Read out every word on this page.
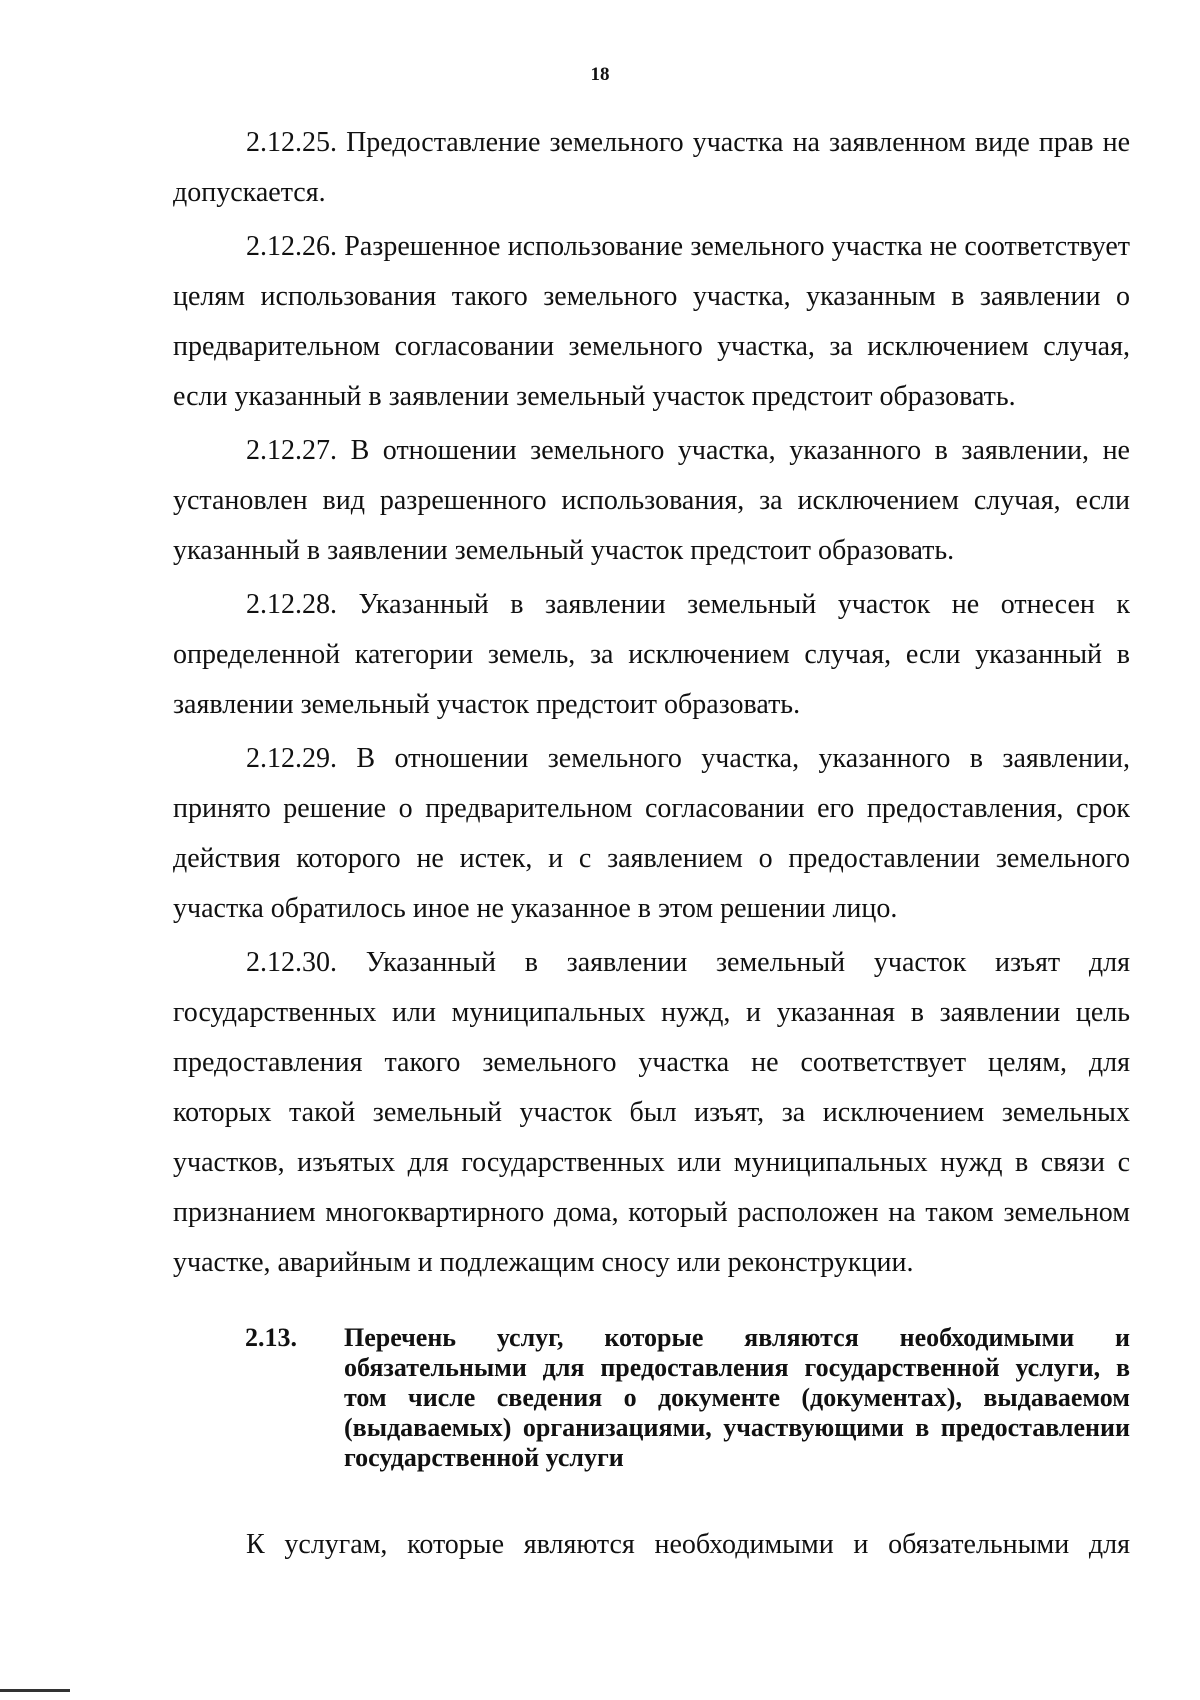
18

2.12.25. Предоставление земельного участка на заявленном виде прав не допускается.

2.12.26. Разрешенное использование земельного участка не соответствует целям использования такого земельного участка, указанным в заявлении о предварительном согласовании земельного участка, за исключением случая, если указанный в заявлении земельный участок предстоит образовать.

2.12.27. В отношении земельного участка, указанного в заявлении, не установлен вид разрешенного использования, за исключением случая, если указанный в заявлении земельный участок предстоит образовать.

2.12.28. Указанный в заявлении земельный участок не отнесен к определенной категории земель, за исключением случая, если указанный в заявлении земельный участок предстоит образовать.

2.12.29. В отношении земельного участка, указанного в заявлении, принято решение о предварительном согласовании его предоставления, срок действия которого не истек, и с заявлением о предоставлении земельного участка обратилось иное не указанное в этом решении лицо.

2.12.30. Указанный в заявлении земельный участок изъят для государственных или муниципальных нужд, и указанная в заявлении цель предоставления такого земельного участка не соответствует целям, для которых такой земельный участок был изъят, за исключением земельных участков, изъятых для государственных или муниципальных нужд в связи с признанием многоквартирного дома, который расположен на таком земельном участке, аварийным и подлежащим сносу или реконструкции.

2.13.	Перечень услуг, которые являются необходимыми и обязательными для предоставления государственной услуги, в том числе сведения о документе (документах), выдаваемом (выдаваемых) организациями, участвующими в предоставлении государственной услуги
К услугам, которые являются необходимыми и обязательными для
